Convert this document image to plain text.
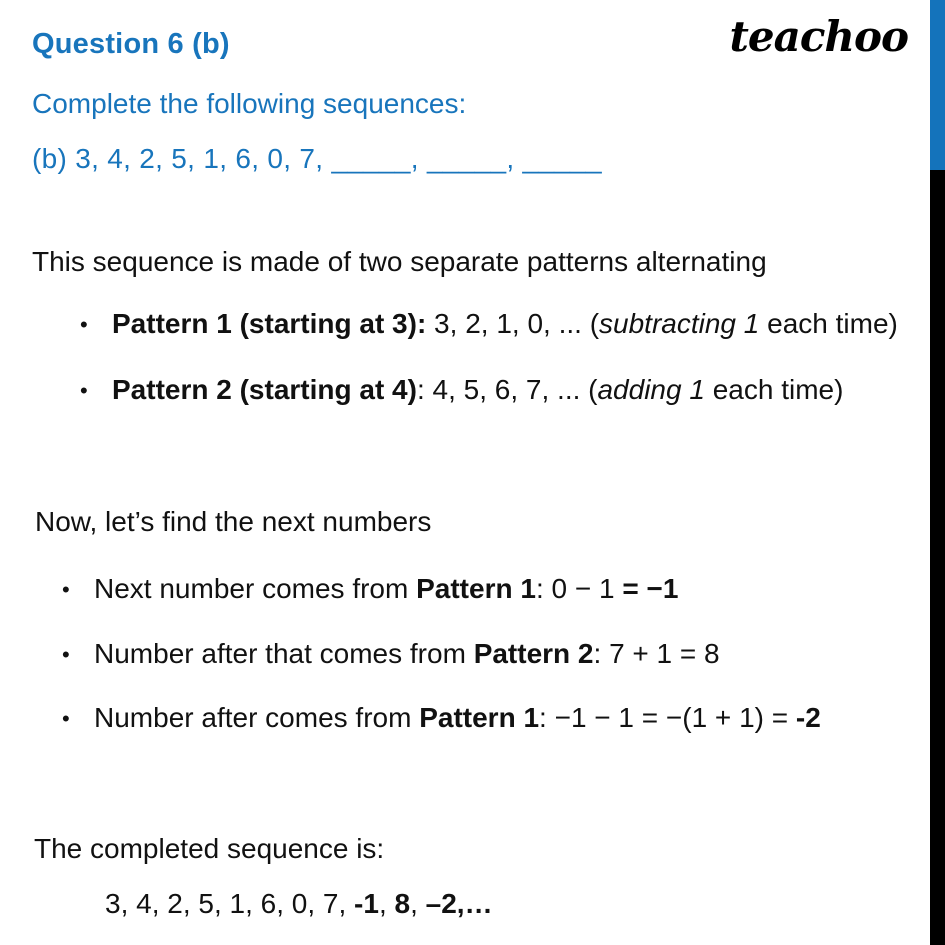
Question 6 (b)	teachoo
Complete the following sequences:
(b) 3, 4, 2, 5, 1, 6, 0, 7, _____, _____, _____
This sequence is made of two separate patterns alternating
• Pattern 1 (starting at 3): 3, 2, 1, 0, ... (subtracting 1 each time)
• Pattern 2 (starting at 4): 4, 5, 6, 7, ... (adding 1 each time)
Now, let’s find the next numbers
• Next number comes from Pattern 1: 0 − 1 = −1
• Number after that comes from Pattern 2: 7 + 1 = 8
• Number after comes from Pattern 1: −1 − 1 = −(1 + 1) = -2
The completed sequence is:
3, 4, 2, 5, 1, 6, 0, 7, -1, 8, –2,…
